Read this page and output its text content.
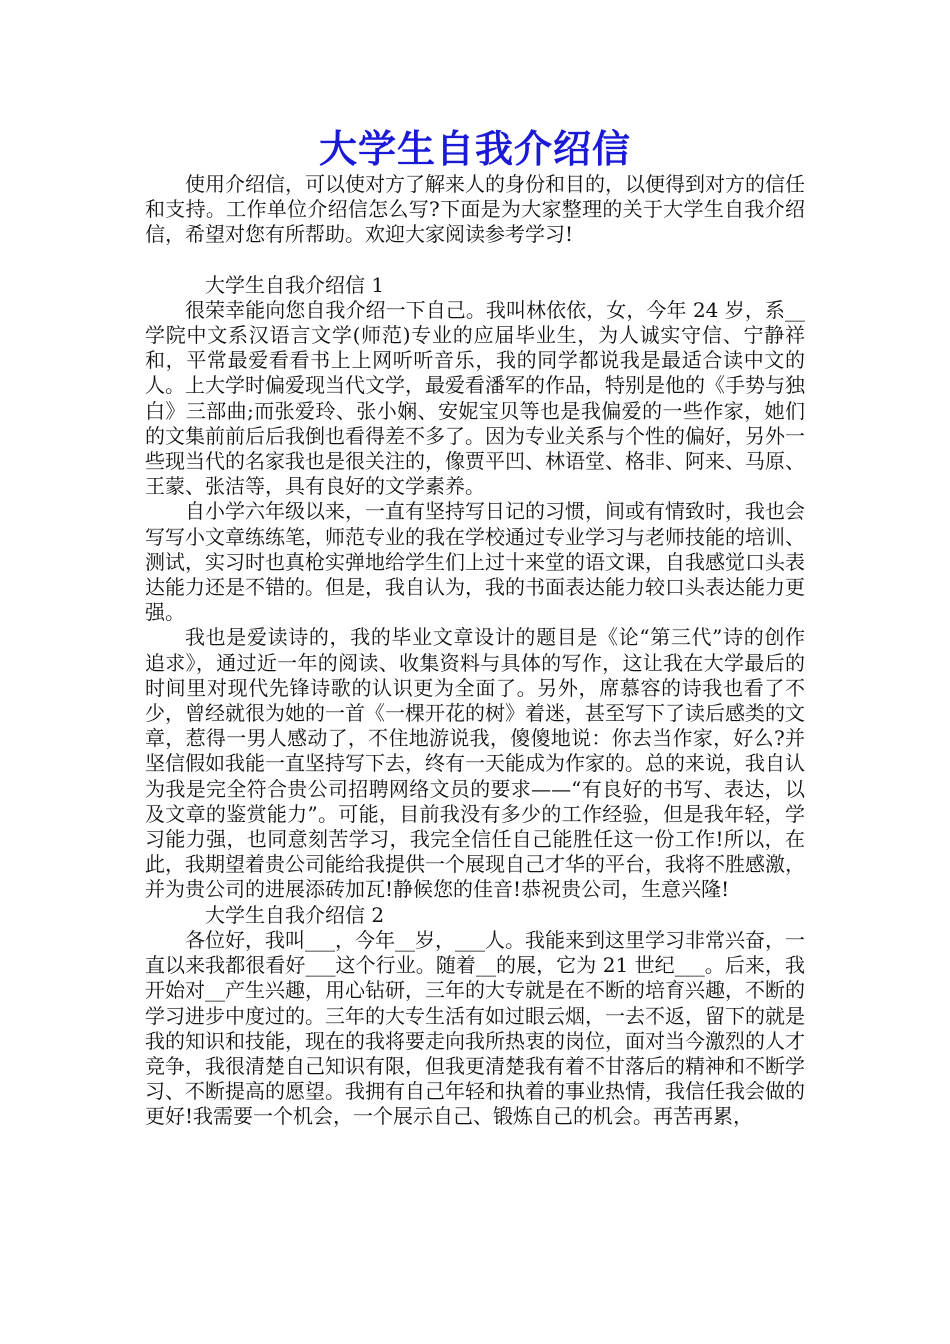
大学生自我介绍信

使用介绍信，可以使对方了解来人的身份和目的，以便得到对方的信任和支持。工作单位介绍信怎么写?下面是为大家整理的关于大学生自我介绍信，希望对您有所帮助。欢迎大家阅读参考学习!

大学生自我介绍信 1

很荣幸能向您自我介绍一下自己。我叫林依依，女，今年 24 岁，系__学院中文系汉语言文学(师范)专业的应届毕业生，为人诚实守信、宁静祥和，平常最爱看看书上上网听听音乐，我的同学都说我是最适合读中文的人。上大学时偏爱现当代文学，最爱看潘军的作品，特别是他的《手势与独白》三部曲;而张爱玲、张小娴、安妮宝贝等也是我偏爱的一些作家，她们的文集前前后后我倒也看得差不多了。因为专业关系与个性的偏好，另外一些现当代的名家我也是很关注的，像贾平凹、林语堂、格非、阿来、马原、王蒙、张洁等，具有良好的文学素养。

自小学六年级以来，一直有坚持写日记的习惯，间或有情致时，我也会写写小文章练练笔，师范专业的我在学校通过专业学习与老师技能的培训、测试，实习时也真枪实弹地给学生们上过十来堂的语文课，自我感觉口头表达能力还是不错的。但是，我自认为，我的书面表达能力较口头表达能力更强。

我也是爱读诗的，我的毕业文章设计的题目是《论“第三代”诗的创作追求》，通过近一年的阅读、收集资料与具体的写作，这让我在大学最后的时间里对现代先锋诗歌的认识更为全面了。另外，席慕容的诗我也看了不少，曾经就很为她的一首《一棵开花的树》着迷，甚至写下了读后感类的文章，惹得一男人感动了，不住地游说我，傻傻地说：你去当作家，好么?并坚信假如我能一直坚持写下去，终有一天能成为作家的。总的来说，我自认为我是完全符合贵公司招聘网络文员的要求——“有良好的书写、表达，以及文章的鉴赏能力”。可能，目前我没有多少的工作经验，但是我年轻，学习能力强，也同意刻苦学习，我完全信任自己能胜任这一份工作!所以，在此，我期望着贵公司能给我提供一个展现自己才华的平台，我将不胜感激，并为贵公司的进展添砖加瓦!静候您的佳音!恭祝贵公司，生意兴隆!

大学生自我介绍信 2

各位好，我叫___，今年__岁，___人。我能来到这里学习非常兴奋，一直以来我都很看好___这个行业。随着__的展，它为 21 世纪___。后来，我开始对__产生兴趣，用心钻研，三年的大专就是在不断的培育兴趣，不断的学习进步中度过的。三年的大专生活有如过眼云烟，一去不返，留下的就是我的知识和技能，现在的我将要走向我所热衷的岗位，面对当今激烈的人才竞争，我很清楚自己知识有限，但我更清楚我有着不甘落后的精神和不断学习、不断提高的愿望。我拥有自己年轻和执着的事业热情，我信任我会做的更好!我需要一个机会，一个展示自己、锻炼自己的机会。再苦再累，
